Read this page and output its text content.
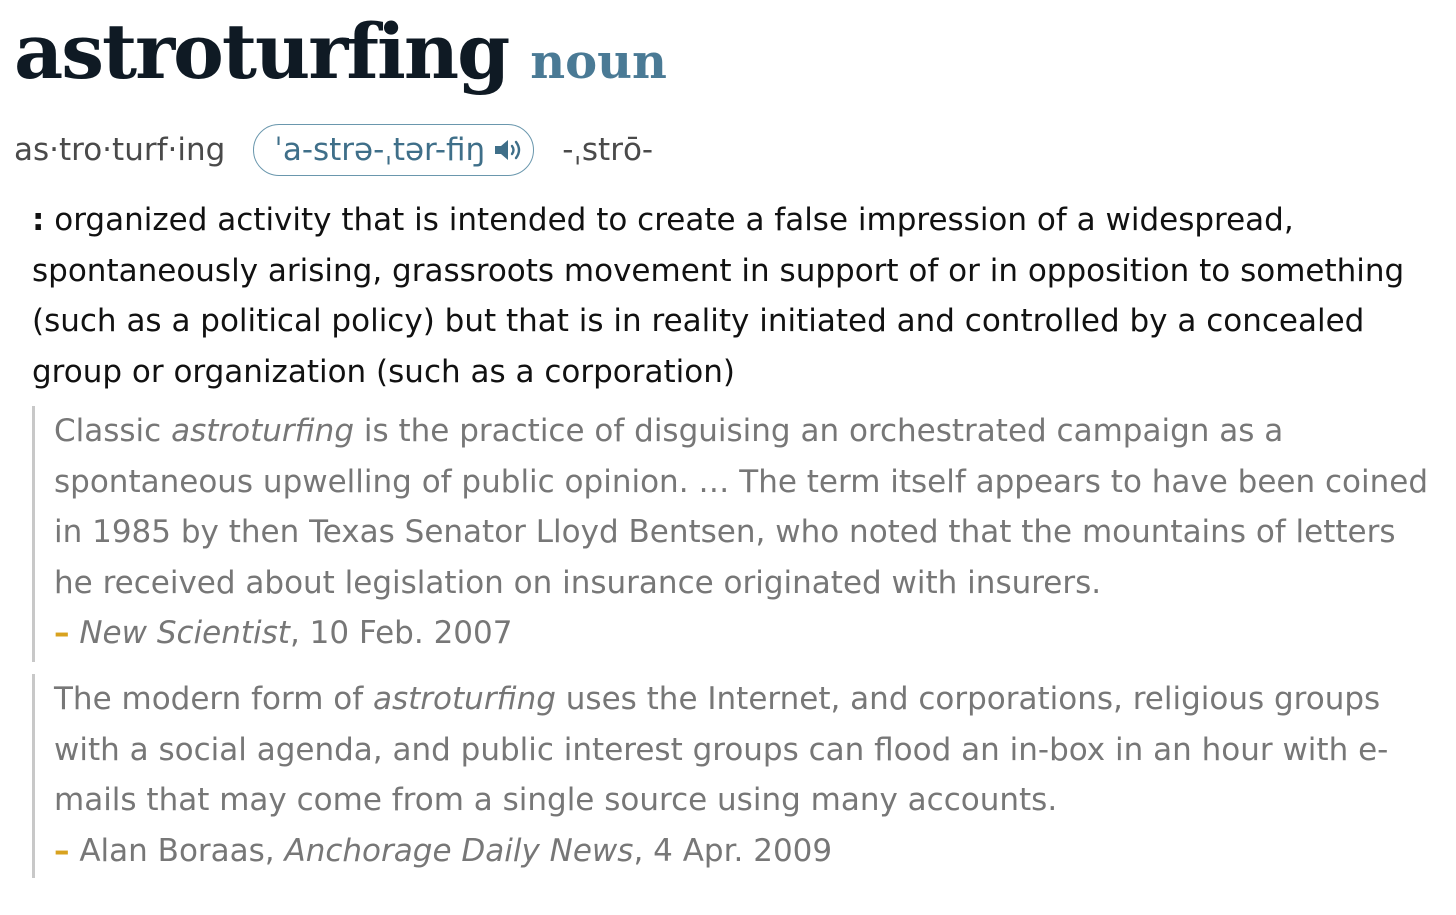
astroturfing noun
as·tro·turf·ing ˈa-strə-ˌtər-fiŋ -ˌstrō-
: organized activity that is intended to create a false impression of a widespread, spontaneously arising, grassroots movement in support of or in opposition to something (such as a political policy) but that is in reality initiated and controlled by a concealed group or organization (such as a corporation)
Classic astroturfing is the practice of disguising an orchestrated campaign as a spontaneous upwelling of public opinion. … The term itself appears to have been coined in 1985 by then Texas Senator Lloyd Bentsen, who noted that the mountains of letters he received about legislation on insurance originated with insurers.
– New Scientist, 10 Feb. 2007
The modern form of astroturfing uses the Internet, and corporations, religious groups with a social agenda, and public interest groups can flood an in-box in an hour with e-mails that may come from a single source using many accounts.
– Alan Boraas, Anchorage Daily News, 4 Apr. 2009
